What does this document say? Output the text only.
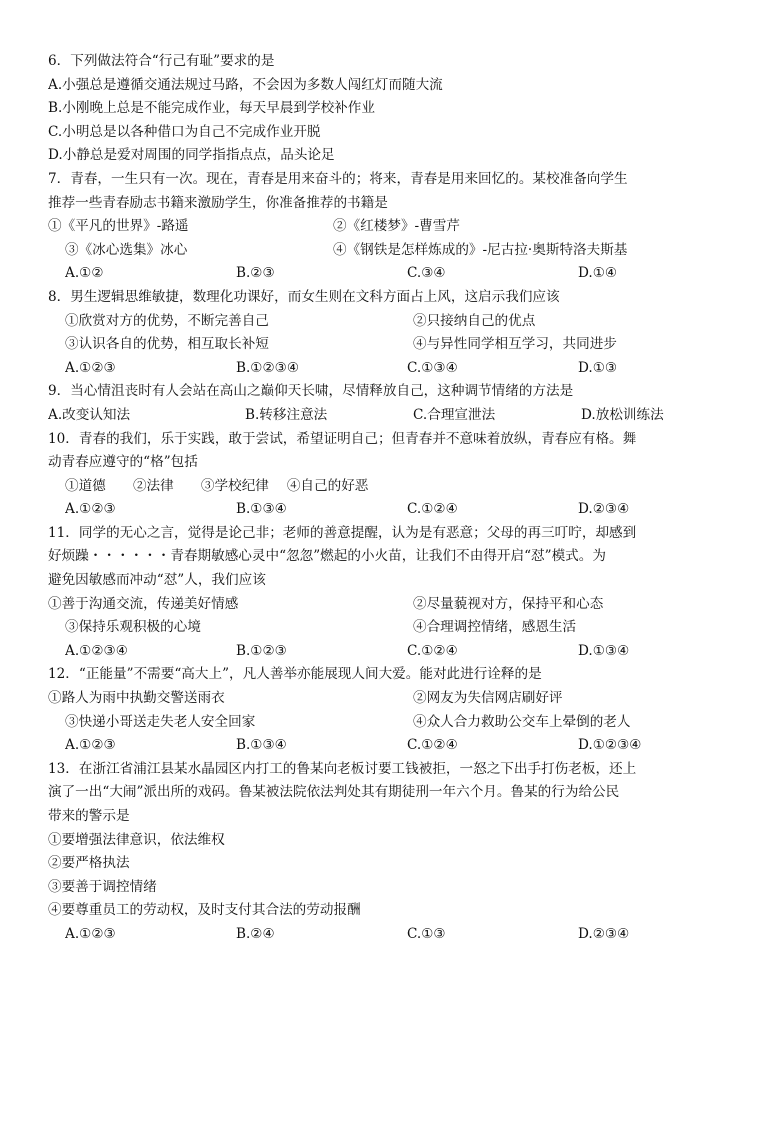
6．下列做法符合“行己有耻”要求的是
A.小强总是遵循交通法规过马路，不会因为多数人闯红灯而随大流
B.小刚晚上总是不能完成作业，每天早晨到学校补作业
C.小明总是以各种借口为自己不完成作业开脱
D.小静总是爱对周围的同学指指点点，品头论足
7．青春，一生只有一次。现在，青春是用来奋斗的；将来，青春是用来回忆的。某校准备向学生
推荐一些青春励志书籍来激励学生，你准备推荐的书籍是
①《平凡的世界》-路遥	②《红楼梦》-曹雪芹
③《冰心选集》冰心	④《钢铁是怎样炼成的》-尼古拉·奥斯特洛夫斯基
A.①②	B.②③	C.③④	D.①④
8．男生逻辑思维敏捷，数理化功课好，而女生则在文科方面占上风，这启示我们应该
①欣赏对方的优势，不断完善自己	②只接纳自己的优点
③认识各自的优势，相互取长补短	④与异性同学相互学习，共同进步
A.①②③	B.①②③④	C.①③④	D.①③
9．当心情沮丧时有人会站在高山之巅仰天长啸，尽情释放自己，这种调节情绪的方法是
A.改变认知法	B.转移注意法	C.合理宣泄法	D.放松训练法
10．青春的我们，乐于实践，敢于尝试，希望证明自己；但青春并不意味着放纵，青春应有格。舞
动青春应遵守的“格”包括
①道德　　②法律　　③学校纪律　 ④自己的好恶
A.①②③	B.①③④	C.①②④	D.②③④
11．同学的无心之言，觉得是论己非；老师的善意提醒，认为是有恶意；父母的再三叮咛，却感到
好烦躁・・・・・・青春期敏感心灵中“忽忽”燃起的小火苗，让我们不由得开启“怼”模式。为
避免因敏感而冲动“怼”人，我们应该
①善于沟通交流，传递美好情感	②尽量藐视对方，保持平和心态
③保持乐观积极的心境	④合理调控情绪，感恩生活
A.①②③④	B.①②③	C.①②④	D.①③④
12．“正能量”不需要“高大上”，凡人善举亦能展现人间大爱。能对此进行诠释的是
①路人为雨中执勤交警送雨衣	②网友为失信网店刷好评
③快递小哥送走失老人安全回家	④众人合力救助公交车上晕倒的老人
A.①②③	B.①③④	C.①②④	D.①②③④
13．在浙江省浦江县某水晶园区内打工的鲁某向老板讨要工钱被拒，一怒之下出手打伤老板，还上
演了一出“大闹”派出所的戏码。鲁某被法院依法判处其有期徒刑一年六个月。鲁某的行为给公民
带来的警示是
①要增强法律意识，依法维权
②要严格执法
③要善于调控情绪
④要尊重员工的劳动权，及时支付其合法的劳动报酬
A.①②③	B.②④	C.①③	D.②③④
